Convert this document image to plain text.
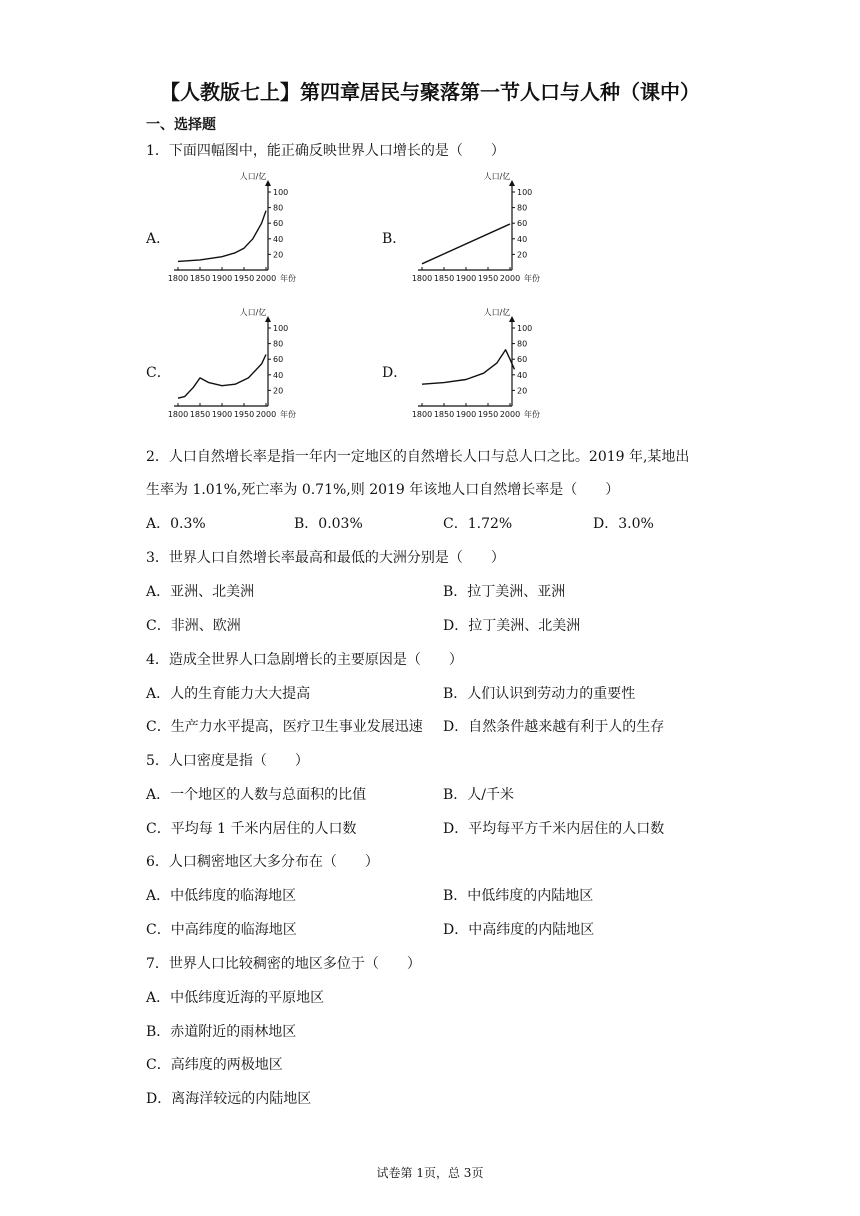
【人教版七上】第四章居民与聚落第一节人口与人种（课中）
一、选择题
1．下面四幅图中，能正确反映世界人口增长的是（　　）
A．	B．
C．	D．
人口/亿
100
80
60
40
20
1800 1850 1900 1950 2000 年份
人口/亿
100
80
60
40
20
1800 1850 1900 1950 2000 年份
人口/亿
100
80
60
40
20
1800 1850 1900 1950 2000 年份
人口/亿
100
80
60
40
20
1800 1850 1900 1950 2000 年份
2．人口自然增长率是指一年内一定地区的自然增长人口与总人口之比。2019 年,某地出
生率为 1.01%,死亡率为 0.71%,则 2019 年该地人口自然增长率是（　　）
A．0.3%	B．0.03%	C．1.72%	D．3.0%
3．世界人口自然增长率最高和最低的大洲分别是（　　）
A．亚洲、北美洲	B．拉丁美洲、亚洲
C．非洲、欧洲	D．拉丁美洲、北美洲
4．造成全世界人口急剧增长的主要原因是（　　）
A．人的生育能力大大提高	B．人们认识到劳动力的重要性
C．生产力水平提高，医疗卫生事业发展迅速 D．自然条件越来越有利于人的生存
5．人口密度是指（　　）
A．一个地区的人数与总面积的比值	B．人/千米
C．平均每 1 千米内居住的人口数	D．平均每平方千米内居住的人口数
6．人口稠密地区大多分布在（　　）
A．中低纬度的临海地区	B．中低纬度的内陆地区
C．中高纬度的临海地区	D．中高纬度的内陆地区
7．世界人口比较稠密的地区多位于（　　）
A．中低纬度近海的平原地区
B．赤道附近的雨林地区
C．高纬度的两极地区
D．离海洋较远的内陆地区
试卷第 1页，总 3页
